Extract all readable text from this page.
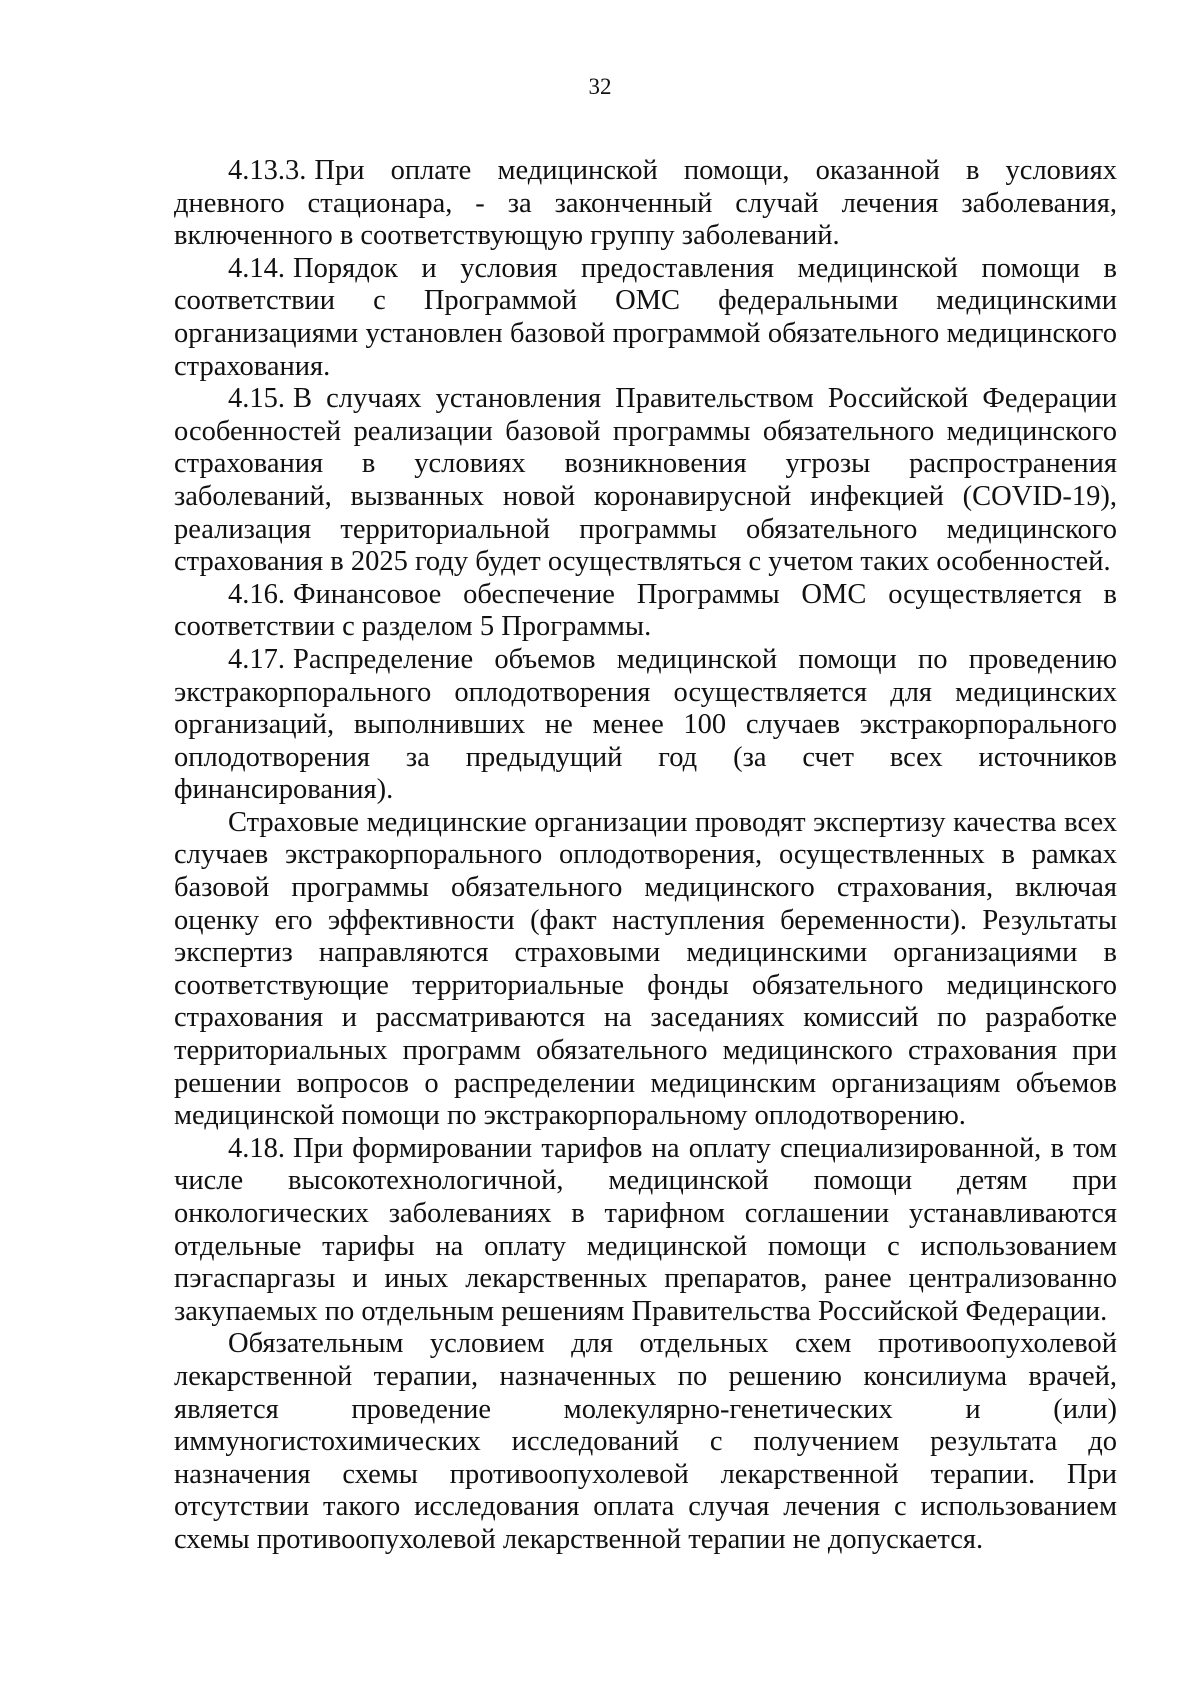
32

4.13.3. При оплате медицинской помощи, оказанной в условиях дневного стационара, - за законченный случай лечения заболевания, включенного в соответствующую группу заболеваний.

4.14. Порядок и условия предоставления медицинской помощи в соответствии с Программой ОМС федеральными медицинскими организациями установлен базовой программой обязательного медицинского страхования.

4.15. В случаях установления Правительством Российской Федерации особенностей реализации базовой программы обязательного медицинского страхования в условиях возникновения угрозы распространения заболеваний, вызванных новой коронавирусной инфекцией (COVID-19), реализация территориальной программы обязательного медицинского страхования в 2025 году будет осуществляться с учетом таких особенностей.

4.16. Финансовое обеспечение Программы ОМС осуществляется в соответствии с разделом 5 Программы.

4.17. Распределение объемов медицинской помощи по проведению экстракорпорального оплодотворения осуществляется для медицинских организаций, выполнивших не менее 100 случаев экстракорпорального оплодотворения за предыдущий год (за счет всех источников финансирования).

Страховые медицинские организации проводят экспертизу качества всех случаев экстракорпорального оплодотворения, осуществленных в рамках базовой программы обязательного медицинского страхования, включая оценку его эффективности (факт наступления беременности). Результаты экспертиз направляются страховыми медицинскими организациями в соответствующие территориальные фонды обязательного медицинского страхования и рассматриваются на заседаниях комиссий по разработке территориальных программ обязательного медицинского страхования при решении вопросов о распределении медицинским организациям объемов медицинской помощи по экстракорпоральному оплодотворению.

4.18. При формировании тарифов на оплату специализированной, в том числе высокотехнологичной, медицинской помощи детям при онкологических заболеваниях в тарифном соглашении устанавливаются отдельные тарифы на оплату медицинской помощи с использованием пэгаспаргазы и иных лекарственных препаратов, ранее централизованно закупаемых по отдельным решениям Правительства Российской Федерации.

Обязательным условием для отдельных схем противоопухолевой лекарственной терапии, назначенных по решению консилиума врачей, является проведение молекулярно-генетических и (или) иммуногистохимических исследований с получением результата до назначения схемы противоопухолевой лекарственной терапии. При отсутствии такого исследования оплата случая лечения с использованием схемы противоопухолевой лекарственной терапии не допускается.
